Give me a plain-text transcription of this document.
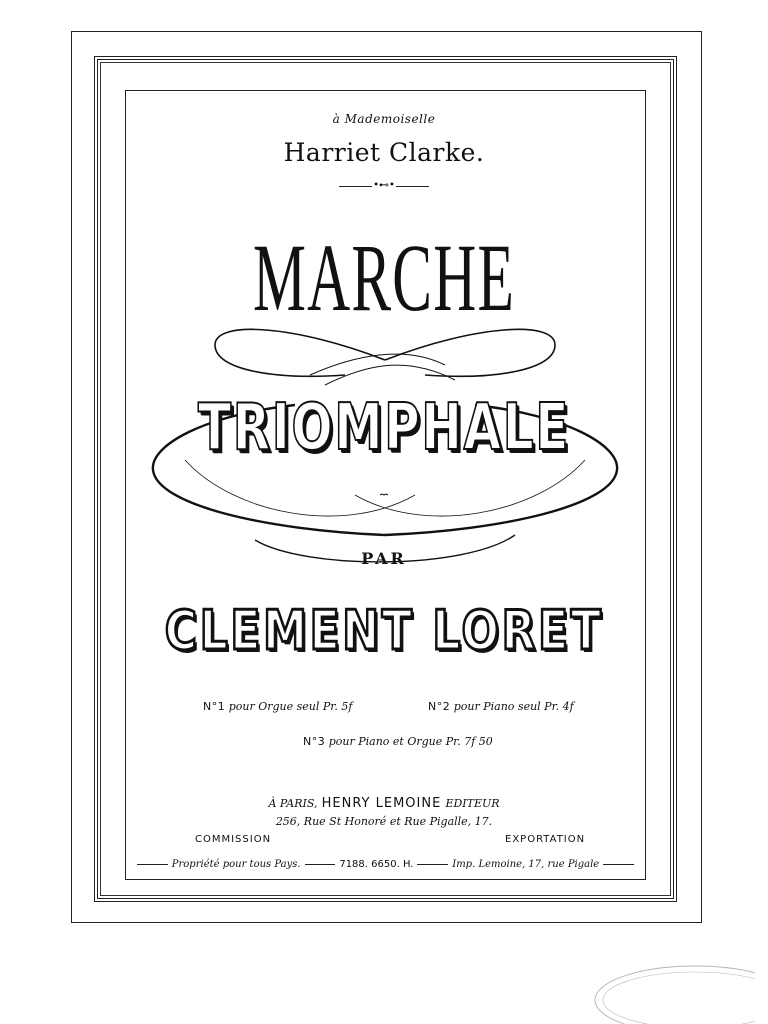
à Mademoiselle
Harriet Clarke.
•⊷•
MARCHE
TRIOMPHALE
PAR
CLEMENT LORET
N°1 pour Orgue seul Pr. 5f	N°2 pour Piano seul Pr. 4f
N°3 pour Piano et Orgue Pr. 7f 50
À PARIS, HENRY LEMOINE EDITEUR
256, Rue St Honoré et Rue Pigalle, 17.
COMMISSION	EXPORTATION
Propriété pour tous Pays.	7188. 6650. H.	Imp. Lemoine, 17, rue Pigale
